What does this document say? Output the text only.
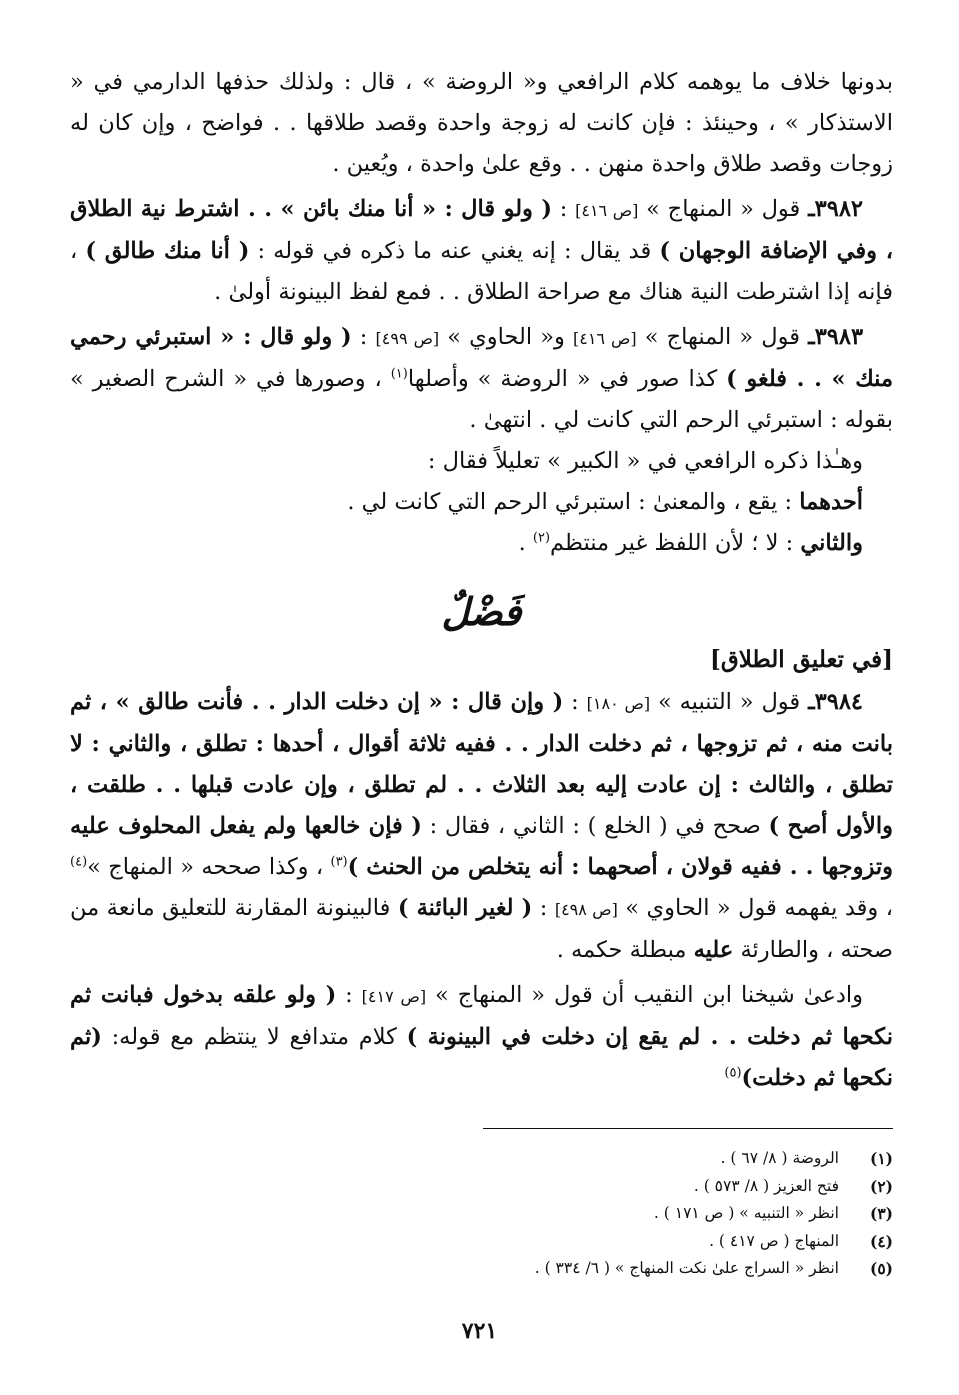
بدونها خلاف ما يوهمه كلام الرافعي و« الروضة » ، قال : ولذلك حذفها الدارمي في « الاستذكار » ، وحينئذ : فإن كانت له زوجة واحدة وقصد طلاقها . . فواضح ، وإن كان له زوجات وقصد طلاق واحدة منهن . . وقع علىٰ واحدة ، ويُعين .

٣٩٨٢ـ قول « المنهاج » [ص ٤١٦] : ( ولو قال : « أنا منك بائن » . . اشترط نية الطلاق ، وفي الإضافة الوجهان ) قد يقال : إنه يغني عنه ما ذكره في قوله : ( أنا منك طالق ) ، فإنه إذا اشترطت النية هناك مع صراحة الطلاق . . فمع لفظ البينونة أولىٰ .

٣٩٨٣ـ قول « المنهاج » [ص ٤١٦] و« الحاوي » [ص ٤٩٩] : ( ولو قال : « استبرئي رحمي منك » . . فلغو ) كذا صور في « الروضة » وأصلها$^{(١)}$ ، وصورها في « الشرح الصغير » بقوله : استبرئي الرحم التي كانت لي . انتهىٰ .

وهـٰذا ذكره الرافعي في « الكبير » تعليلاً فقال :

أحدهما : يقع ، والمعنىٰ : استبرئي الرحم التي كانت لي .

والثاني : لا ؛ لأن اللفظ غير منتظم$^{(٢)}$ .

فَضْلٌ

[في تعليق الطلاق]

٣٩٨٤ـ قول « التنبيه » [ص ١٨٠] : ( وإن قال : « إن دخلت الدار . . فأنت طالق » ، ثم بانت منه ، ثم تزوجها ، ثم دخلت الدار . . ففيه ثلاثة أقوال ، أحدها : تطلق ، والثاني : لا تطلق ، والثالث : إن عادت إليه بعد الثلاث . . لم تطلق ، وإن عادت قبلها . . طلقت ، والأول أصح ) صحح في ( الخلع ) : الثاني ، فقال : ( فإن خالعها ولم يفعل المحلوف عليه وتزوجها . . ففيه قولان ، أصحهما : أنه يتخلص من الحنث )$^{(٣)}$ ، وكذا صححه « المنهاج »$^{(٤)}$ ، وقد يفهمه قول « الحاوي » [ص ٤٩٨] : ( لغير البائنة ) فالبينونة المقارنة للتعليق مانعة من صحته ، والطارئة عليه مبطلة حكمه .

وادعىٰ شيخنا ابن النقيب أن قول « المنهاج » [ص ٤١٧] : ( ولو علقه بدخول فبانت ثم نكحها ثم دخلت . . لم يقع إن دخلت في البينونة ) كلام متدافع لا ينتظم مع قوله: (ثم نكحها ثم دخلت)$^{(٥)}$

(١)
الروضة ( ٨/ ٦٧ ) .
(٢)
فتح العزيز ( ٨/ ٥٧٣ ) .
(٣)
انظر « التنبيه » ( ص ١٧١ ) .
(٤)
المنهاج ( ص ٤١٧ ) .
(٥)
انظر « السراج علىٰ نكت المنهاج » ( ٦/ ٣٣٤ ) .
٧٢١
